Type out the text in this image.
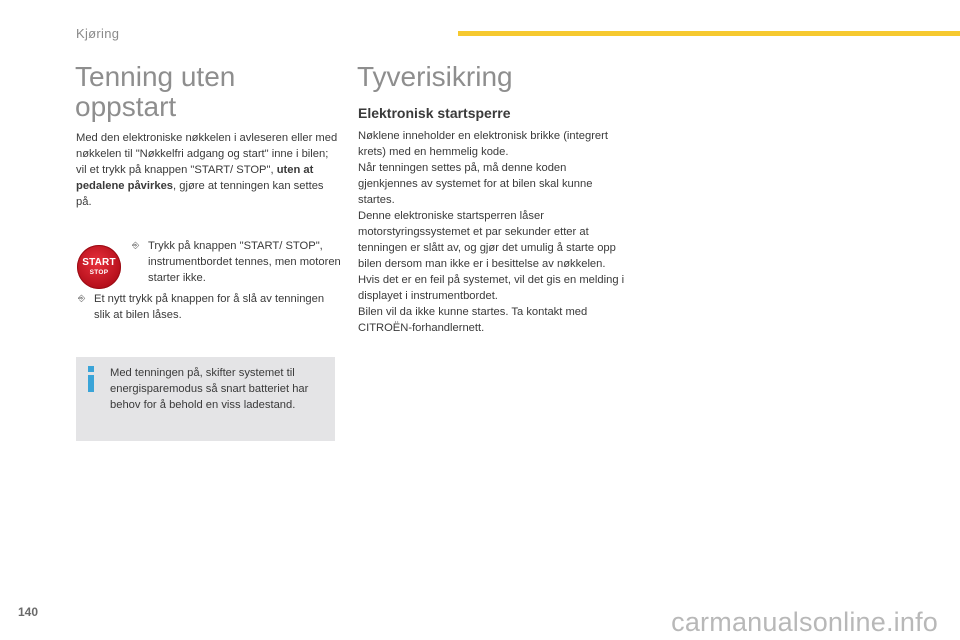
Kjøring
Tenning uten oppstart

Med den elektroniske nøkkelen i avleseren eller med nøkkelen til "Nøkkelfri adgang og start" inne i bilen; vil et trykk på knappen "START/ STOP", uten at pedalene påvirkes, gjøre at tenningen kan settes på.

START
STOP
⎆ Trykk på knappen "START/ STOP", instrumentbordet tennes, men motoren starter ikke.

⎆ Et nytt trykk på knappen for å slå av tenningen slik at bilen låses.

Med tenningen på, skifter systemet til energisparemodus så snart batteriet har behov for å behold en viss ladestand.

Tyverisikring
Elektronisk startsperre
Nøklene inneholder en elektronisk brikke (integrert krets) med en hemmelig kode.
Når tenningen settes på, må denne koden gjenkjennes av systemet for at bilen skal kunne startes.
Denne elektroniske startsperren låser motorstyringssystemet et par sekunder etter at tenningen er slått av, og gjør det umulig å starte opp bilen dersom man ikke er i besittelse av nøkkelen.
Hvis det er en feil på systemet, vil det gis en melding i displayet i instrumentbordet.
Bilen vil da ikke kunne startes. Ta kontakt med CITROËN-forhandlernett.
140	carmanualsonline.info
